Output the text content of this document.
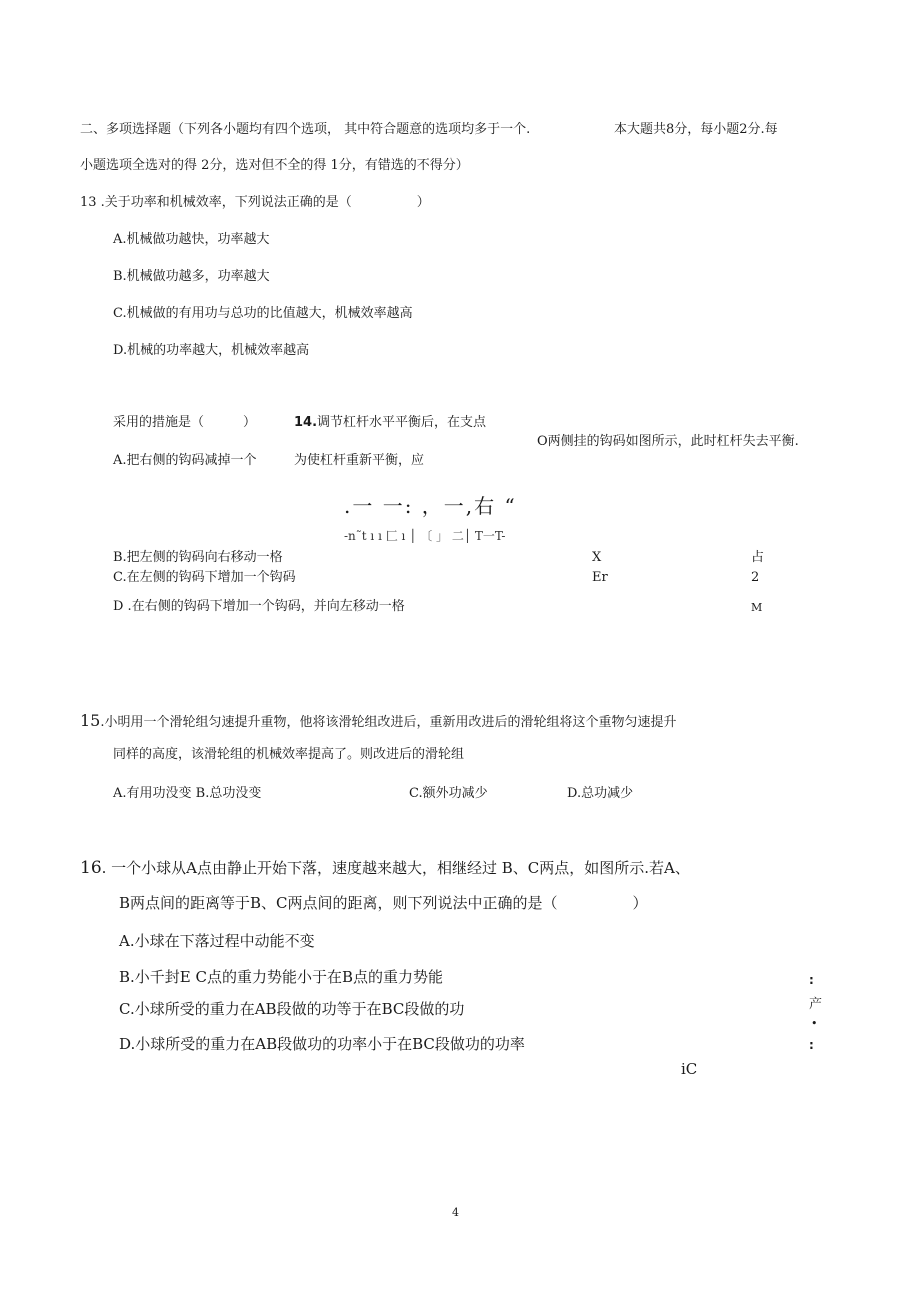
二、多项选择题（下列各小题均有四个选项， 其中符合题意的选项均多于一个.	本大题共8分，每小题2分.每
小题选项全选对的得 2分，选对但不全的得 1分，有错选的不得分）
13 .关于功率和机械效率，下列说法正确的是（　　　　　）
A.机械做功越快，功率越大
B.机械做功越多，功率越大
C.机械做的有用功与总功的比值越大，机械效率越高
D.机械的功率越大，机械效率越高
采用的措施是（　　　）	14.调节杠杆水平平衡后，在支点
O两侧挂的钩码如图所示，此时杠杆失去平衡.
A.把右侧的钩码减掉一个	为使杠杆重新平衡，应
.一 一: ，一,右 “
-n˜t ı ı 匚 ı │ 〔 」 二│ T一T-
B.把左侧的钩码向右移动一格	X	占
C.在左侧的钩码下增加一个钩码	Er	2
D .在右侧的钩码下增加一个钩码，并向左移动一格	M
15.小明用一个滑轮组匀速提升重物，他将该滑轮组改进后，重新用改进后的滑轮组将这个重物匀速提升
同样的高度，该滑轮组的机械效率提高了。则改进后的滑轮组
A.有用功没变 B.总功没变	C.额外功减少	D.总功减少
16. 一个小球从A点由静止开始下落，速度越来越大，相继经过 B、C两点，如图所示.若A、
B两点间的距离等于B、C两点间的距离，则下列说法中正确的是（　　　　　）
A.小球在下落过程中动能不变
B.小千封E C点的重力势能小于在B点的重力势能
C.小球所受的重力在AB段做的功等于在BC段做的功
D.小球所受的重力在AB段做功的功率小于在BC段做功的功率
:
产
•
:
iC
4
